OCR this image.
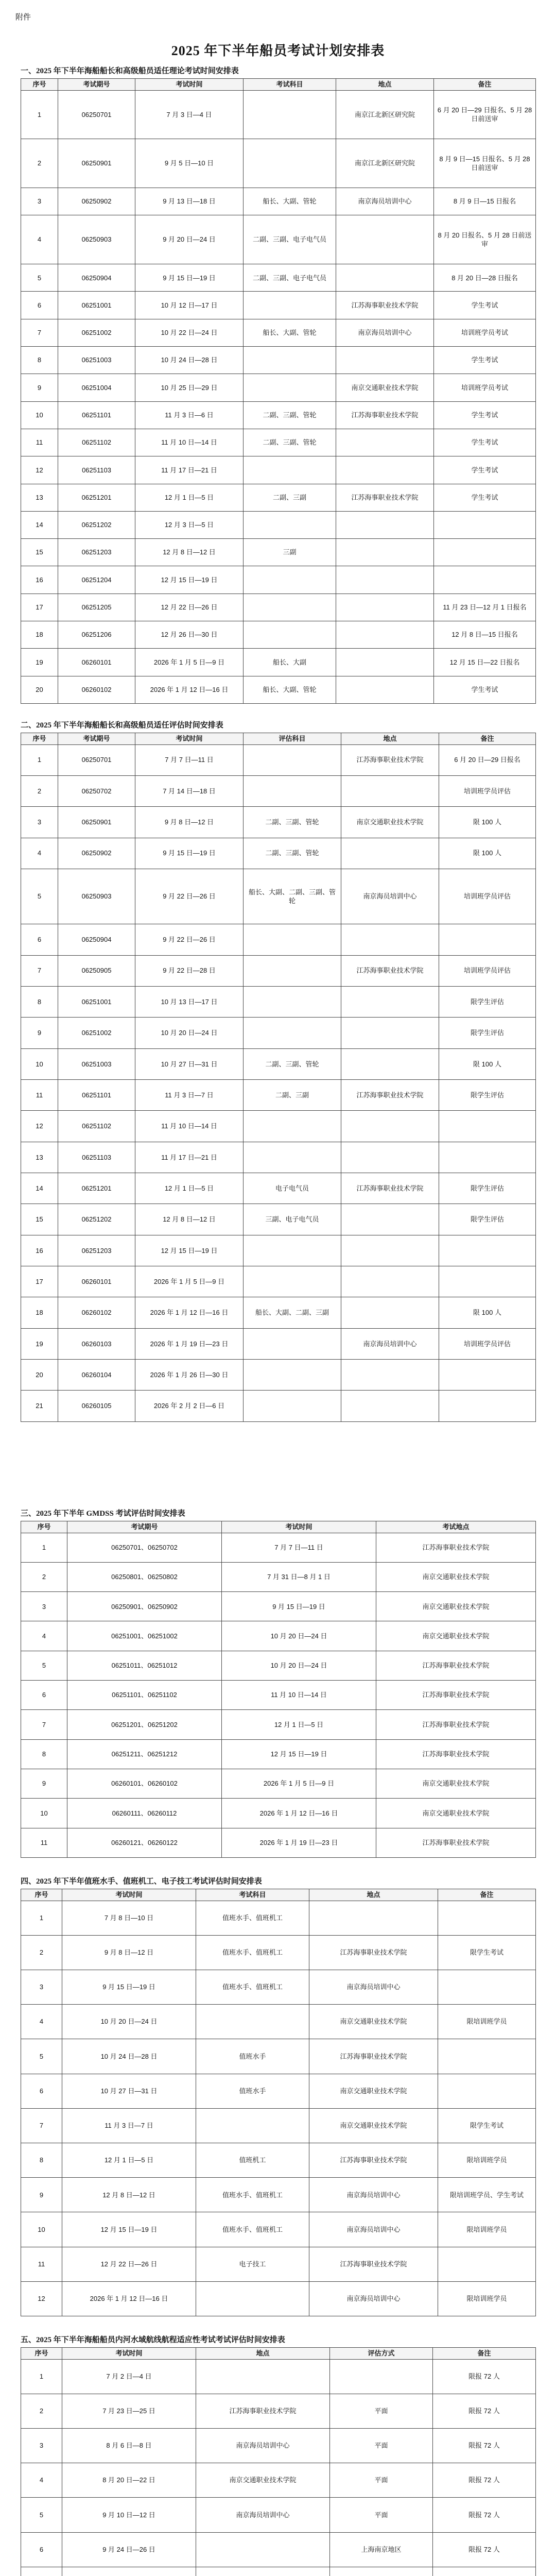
附件
2025 年下半年船员考试计划安排表
一、2025 年下半年海船船长和高级船员适任理论考试时间安排表
序号	考试期号	考试时间	考试科目	地点	备注
1	06250701	7 月 3 日—4 日		南京江北新区研究院	6 月 20 日—29 日报名、5 月 28 日前送审
2	06250901	9 月 5 日—10 日		南京江北新区研究院	8 月 9 日—15 日报名、5 月 28 日前送审
3	06250902	9 月 13 日—18 日	船长、大副、管轮	南京海员培训中心	8 月 9 日—15 日报名
4	06250903	9 月 20 日—24 日	二副、三副、电子电气员		8 月 20 日报名、5 月 28 日前送审
5	06250904	9 月 15 日—19 日	二副、三副、电子电气员		8 月 20 日—28 日报名
6	06251001	10 月 12 日—17 日		江苏海事职业技术学院	学生考试
7	06251002	10 月 22 日—24 日	船长、大副、管轮	南京海员培训中心	培训班学员考试
8	06251003	10 月 24 日—28 日			学生考试
9	06251004	10 月 25 日—29 日		南京交通职业技术学院	培训班学员考试
10	06251101	11 月 3 日—6 日	二副、三副、管轮	江苏海事职业技术学院	学生考试
11	06251102	11 月 10 日—14 日	二副、三副、管轮		学生考试
12	06251103	11 月 17 日—21 日			学生考试
13	06251201	12 月 1 日—5 日	二副、三副	江苏海事职业技术学院	学生考试
14	06251202	12 月 3 日—5 日			
15	06251203	12 月 8 日—12 日	三副		
16	06251204	12 月 15 日—19 日			
17	06251205	12 月 22 日—26 日			11 月 23 日—12 月 1 日报名
18	06251206	12 月 26 日—30 日			12 月 8 日—15 日报名
19	06260101	2026 年 1 月 5 日—9 日	船长、大副		12 月 15 日—22 日报名
20	06260102	2026 年 1 月 12 日—16 日	船长、大副、管轮		学生考试
二、2025 年下半年海船船长和高级船员适任评估时间安排表
序号	考试期号	考试时间	评估科目	地点	备注
1	06250701	7 月 7 日—11 日		江苏海事职业技术学院	6 月 20 日—29 日报名
2	06250702	7 月 14 日—18 日			培训班学员评估
3	06250901	9 月 8 日—12 日	二副、三副、管轮	南京交通职业技术学院	限 100 人
4	06250902	9 月 15 日—19 日	二副、三副、管轮		限 100 人
5	06250903	9 月 22 日—26 日	船长、大副、二副、三副、管轮	南京海员培训中心	培训班学员评估
6	06250904	9 月 22 日—26 日			
7	06250905	9 月 22 日—28 日		江苏海事职业技术学院	培训班学员评估
8	06251001	10 月 13 日—17 日			限学生评估
9	06251002	10 月 20 日—24 日			限学生评估
10	06251003	10 月 27 日—31 日	二副、三副、管轮		限 100 人
11	06251101	11 月 3 日—7 日	二副、三副	江苏海事职业技术学院	限学生评估
12	06251102	11 月 10 日—14 日			
13	06251103	11 月 17 日—21 日			
14	06251201	12 月 1 日—5 日	电子电气员	江苏海事职业技术学院	限学生评估
15	06251202	12 月 8 日—12 日	三副、电子电气员		限学生评估
16	06251203	12 月 15 日—19 日			
17	06260101	2026 年 1 月 5 日—9 日			
18	06260102	2026 年 1 月 12 日—16 日	船长、大副、二副、三副		限 100 人
19	06260103	2026 年 1 月 19 日—23 日		南京海员培训中心	培训班学员评估
20	06260104	2026 年 1 月 26 日—30 日			
21	06260105	2026 年 2 月 2 日—6 日			
三、2025 年下半年 GMDSS 考试评估时间安排表
序号	考试期号	考试时间	考试地点
1	06250701、06250702	7 月 7 日—11 日	江苏海事职业技术学院
2	06250801、06250802	7 月 31 日—8 月 1 日	南京交通职业技术学院
3	06250901、06250902	9 月 15 日—19 日	南京交通职业技术学院
4	06251001、06251002	10 月 20 日—24 日	南京交通职业技术学院
5	06251011、06251012	10 月 20 日—24 日	江苏海事职业技术学院
6	06251101、06251102	11 月 10 日—14 日	江苏海事职业技术学院
7	06251201、06251202	12 月 1 日—5 日	江苏海事职业技术学院
8	06251211、06251212	12 月 15 日—19 日	江苏海事职业技术学院
9	06260101、06260102	2026 年 1 月 5 日—9 日	南京交通职业技术学院
10	06260111、06260112	2026 年 1 月 12 日—16 日	南京交通职业技术学院
11	06260121、06260122	2026 年 1 月 19 日—23 日	江苏海事职业技术学院
四、2025 年下半年值班水手、值班机工、电子技工考试评估时间安排表
序号	考试时间	考试科目	地点	备注
1	7 月 8 日—10 日	值班水手、值班机工		
2	9 月 8 日—12 日	值班水手、值班机工	江苏海事职业技术学院	限学生考试
3	9 月 15 日—19 日	值班水手、值班机工	南京海员培训中心	
4	10 月 20 日—24 日		南京交通职业技术学院	限培训班学员
5	10 月 24 日—28 日	值班水手	江苏海事职业技术学院	
6	10 月 27 日—31 日	值班水手	南京交通职业技术学院	
7	11 月 3 日—7 日		南京交通职业技术学院	限学生考试
8	12 月 1 日—5 日	值班机工	江苏海事职业技术学院	限培训班学员
9	12 月 8 日—12 日	值班水手、值班机工	南京海员培训中心	限培训班学员、学生考试
10	12 月 15 日—19 日	值班水手、值班机工	南京海员培训中心	限培训班学员
11	12 月 22 日—26 日	电子技工	江苏海事职业技术学院	
12	2026 年 1 月 12 日—16 日		南京海员培训中心	限培训班学员
五、2025 年下半年海船船员内河水域航线航程适应性考试考试评估时间安排表
序号	考试时间	地点	评估方式	备注
1	7 月 2 日—4 日			限报 72 人
2	7 月 23 日—25 日	江苏海事职业技术学院	平面	限报 72 人
3	8 月 6 日—8 日	南京海员培训中心	平面	限报 72 人
4	8 月 20 日—22 日	南京交通职业技术学院	平面	限报 72 人
5	9 月 10 日—12 日	南京海员培训中心	平面	限报 72 人
6	9 月 24 日—26 日		上海南京地区	限报 72 人
